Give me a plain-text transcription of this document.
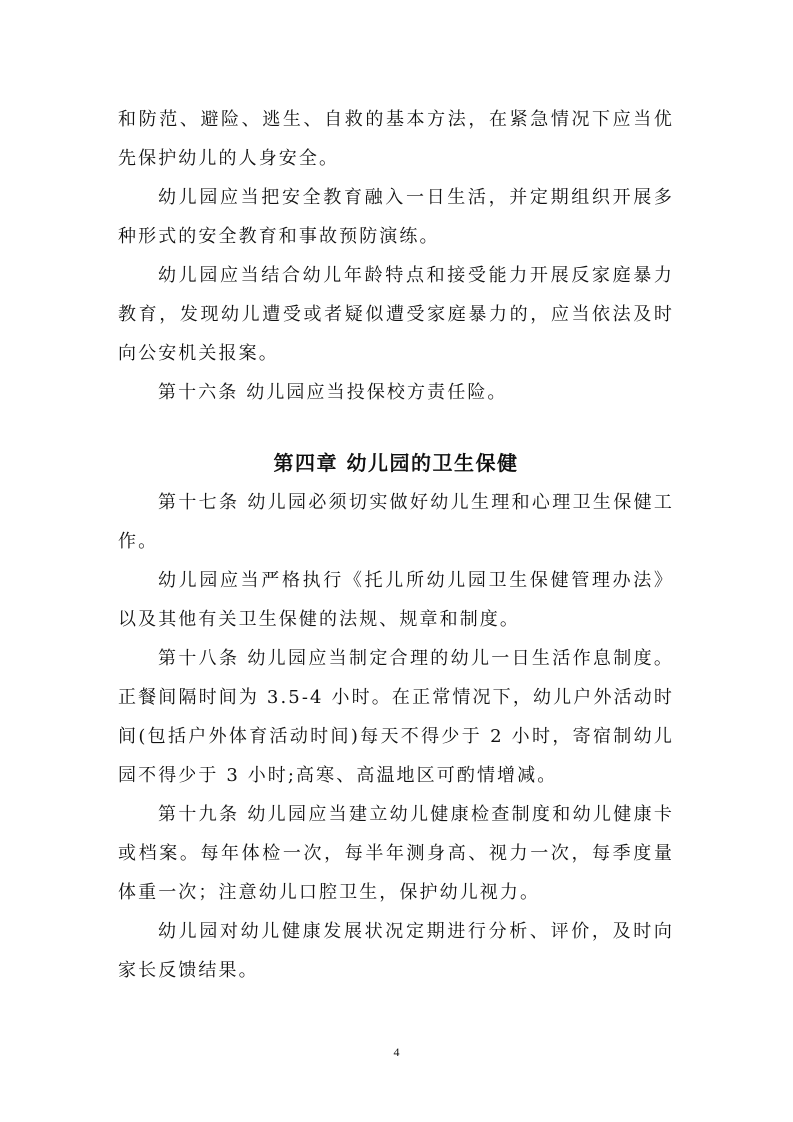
和防范、避险、逃生、自救的基本方法，在紧急情况下应当优先保护幼儿的人身安全。

幼儿园应当把安全教育融入一日生活，并定期组织开展多种形式的安全教育和事故预防演练。

幼儿园应当结合幼儿年龄特点和接受能力开展反家庭暴力教育，发现幼儿遭受或者疑似遭受家庭暴力的，应当依法及时向公安机关报案。

第十六条 幼儿园应当投保校方责任险。

第四章 幼儿园的卫生保健

第十七条 幼儿园必须切实做好幼儿生理和心理卫生保健工作。

幼儿园应当严格执行《托儿所幼儿园卫生保健管理办法》以及其他有关卫生保健的法规、规章和制度。

第十八条 幼儿园应当制定合理的幼儿一日生活作息制度。正餐间隔时间为 3.5-4 小时。在正常情况下，幼儿户外活动时间(包括户外体育活动时间)每天不得少于 2 小时，寄宿制幼儿园不得少于 3 小时;高寒、高温地区可酌情增减。

第十九条 幼儿园应当建立幼儿健康检查制度和幼儿健康卡或档案。每年体检一次，每半年测身高、视力一次，每季度量体重一次；注意幼儿口腔卫生，保护幼儿视力。

幼儿园对幼儿健康发展状况定期进行分析、评价，及时向家长反馈结果。

4
